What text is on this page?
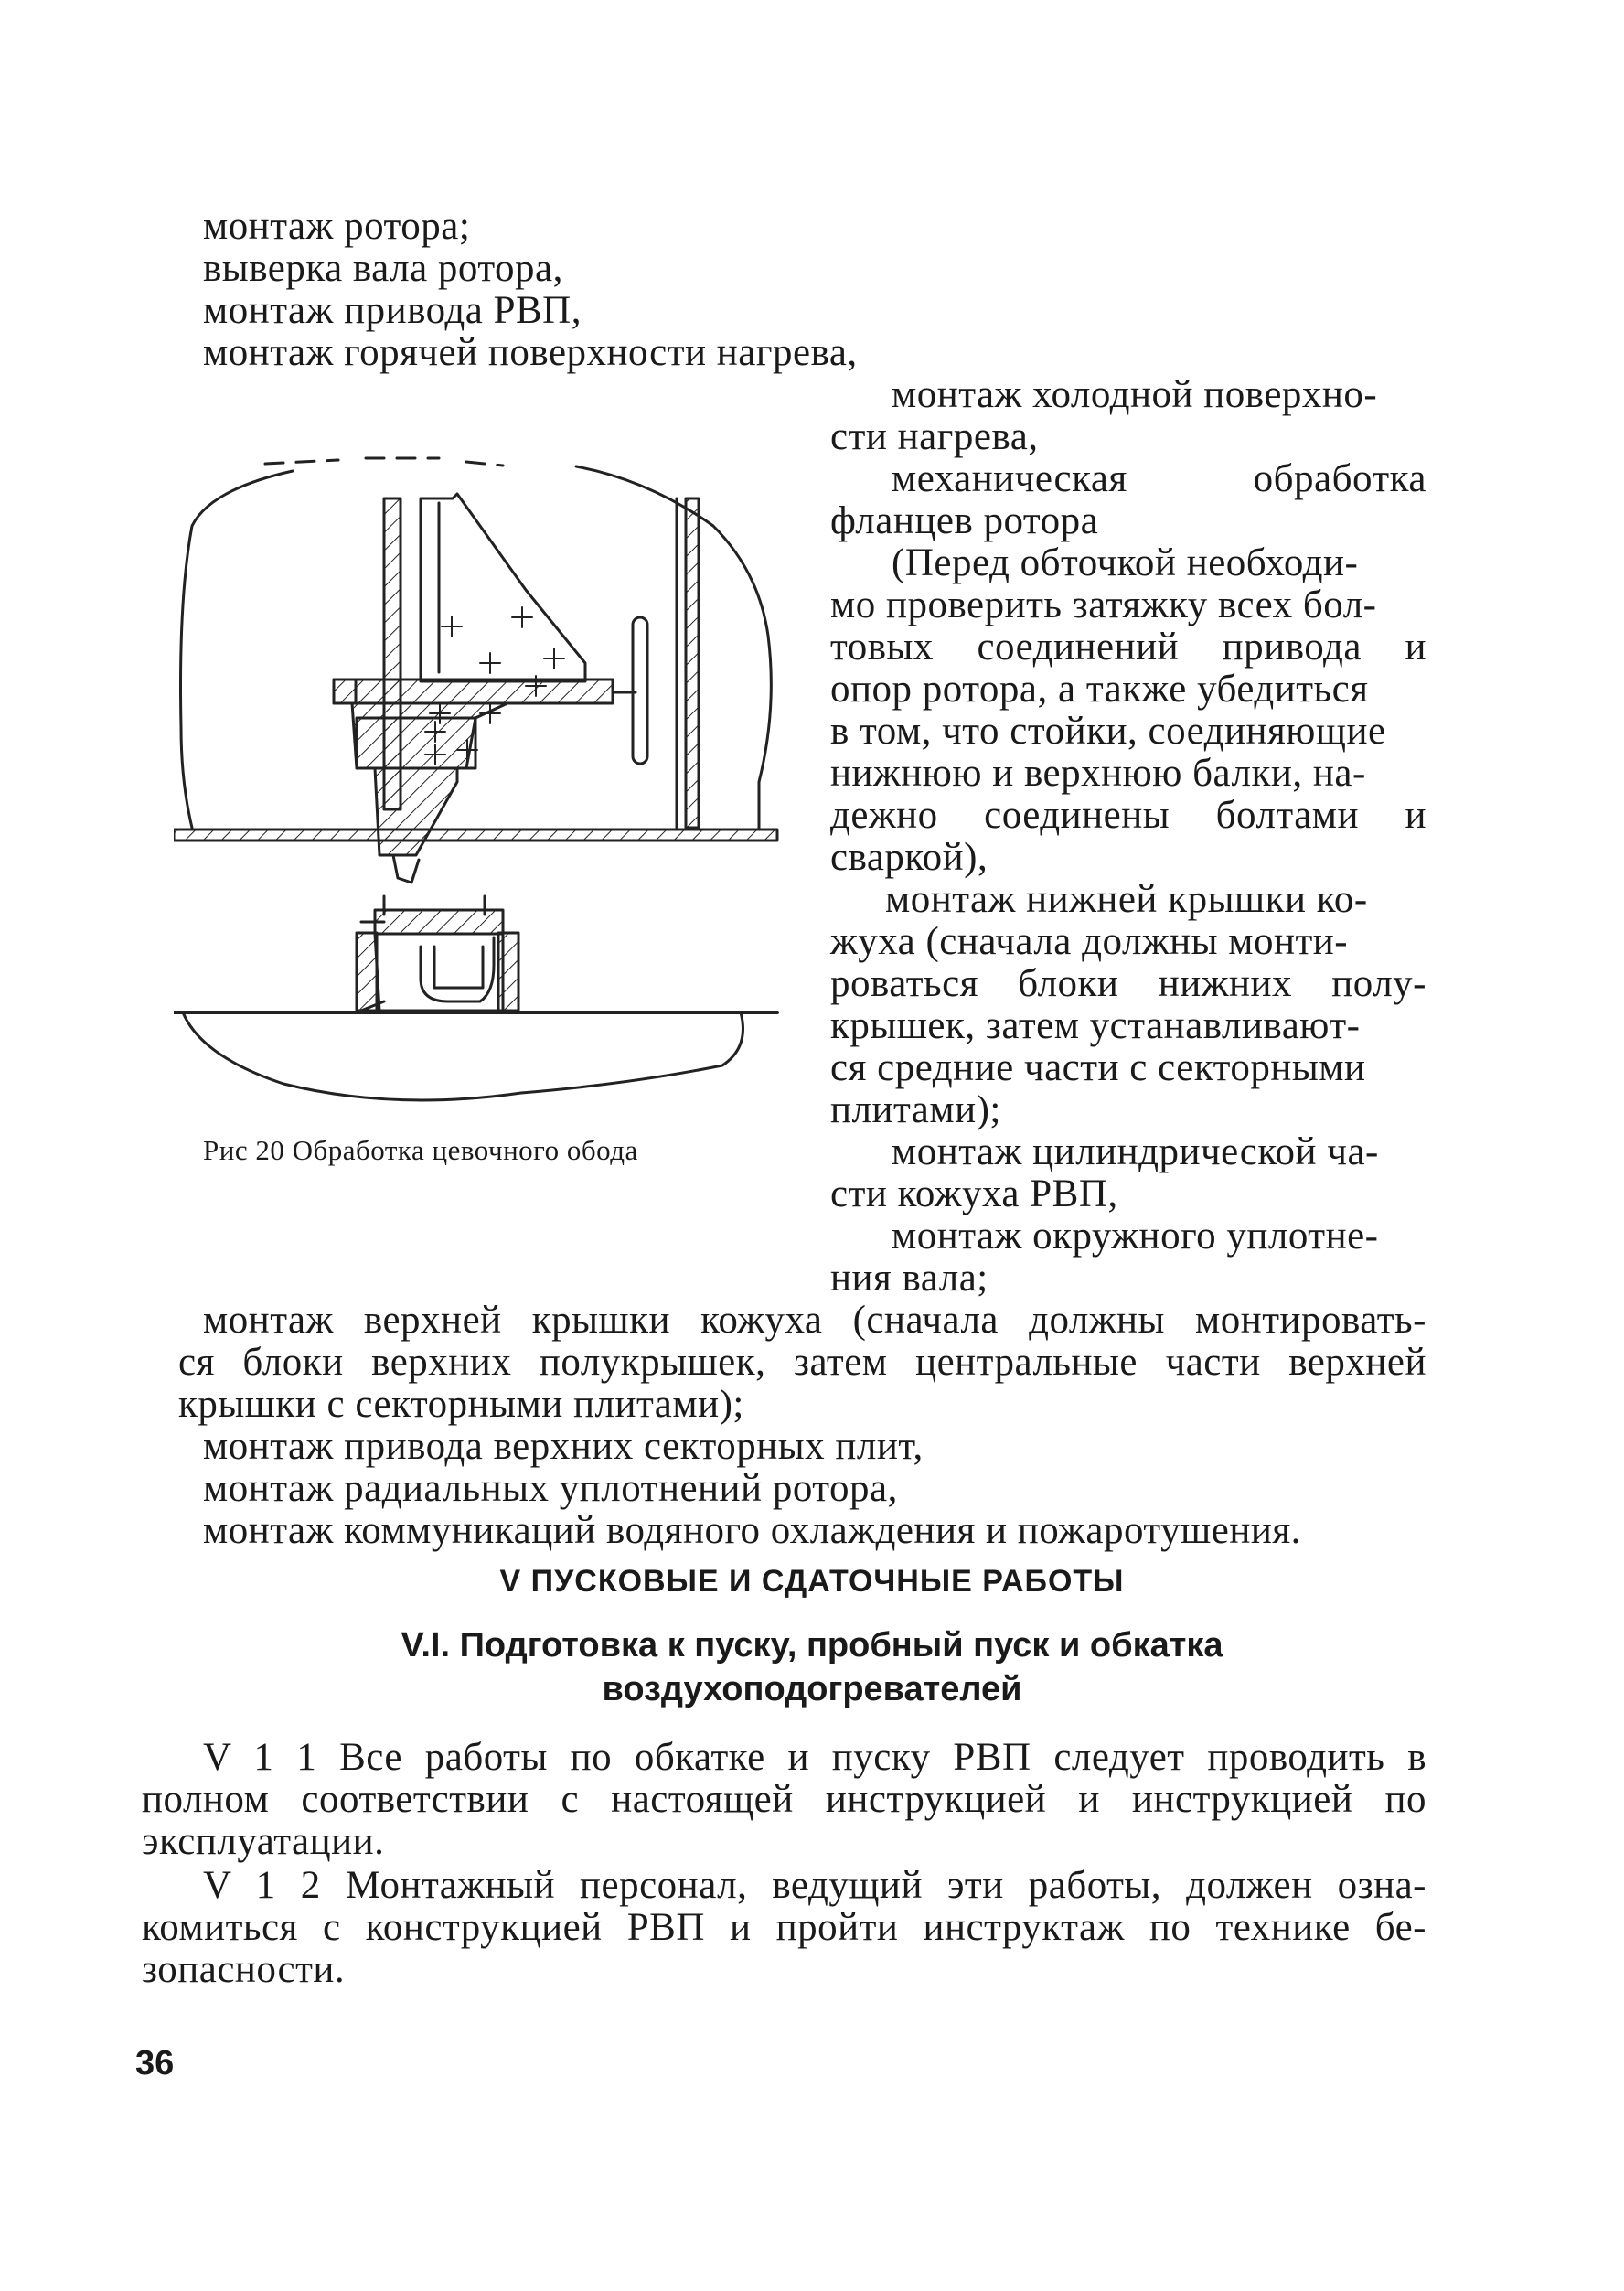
монтаж ротора;
выверка вала ротора,
монтаж привода РВП,
монтаж горячей поверхности нагрева,
монтаж холодной поверхно-
сти нагрева,
механическая обработка
фланцев ротора
(Перед обточкой необходи-
мо проверить затяжку всех бол-
товых соединений привода и
опор ротора, а также убедиться
в том, что стойки, соединяющие
нижнюю и верхнюю балки, на-
дежно соединены болтами и
сваркой),
монтаж нижней крышки ко-
жуха (сначала должны монти-
роваться блоки нижних полу-
крышек, затем устанавливают-
ся средние части с секторными
плитами);
монтаж цилиндрической ча-
сти кожуха РВП,
монтаж окружного уплотне-
ния вала;
Рис 20 Обработка цевочного обода
монтаж верхней крышки кожуха (сначала должны монтировать-
ся блоки верхних полукрышек, затем центральные части верхней
крышки с секторными плитами);
монтаж привода верхних секторных плит,
монтаж радиальных уплотнений ротора,
монтаж коммуникаций водяного охлаждения и пожаротушения.
V ПУСКОВЫЕ И СДАТОЧНЫЕ РАБОТЫ
V.I. Подготовка к пуску, пробный пуск и обкатка
воздухоподогревателей
V 1 1 Все работы по обкатке и пуску РВП следует проводить в
полном соответствии с настоящей инструкцией и инструкцией по
эксплуатации.
V 1 2 Монтажный персонал, ведущий эти работы, должен озна-
комиться с конструкцией РВП и пройти инструктаж по технике бе-
зопасности.
36
